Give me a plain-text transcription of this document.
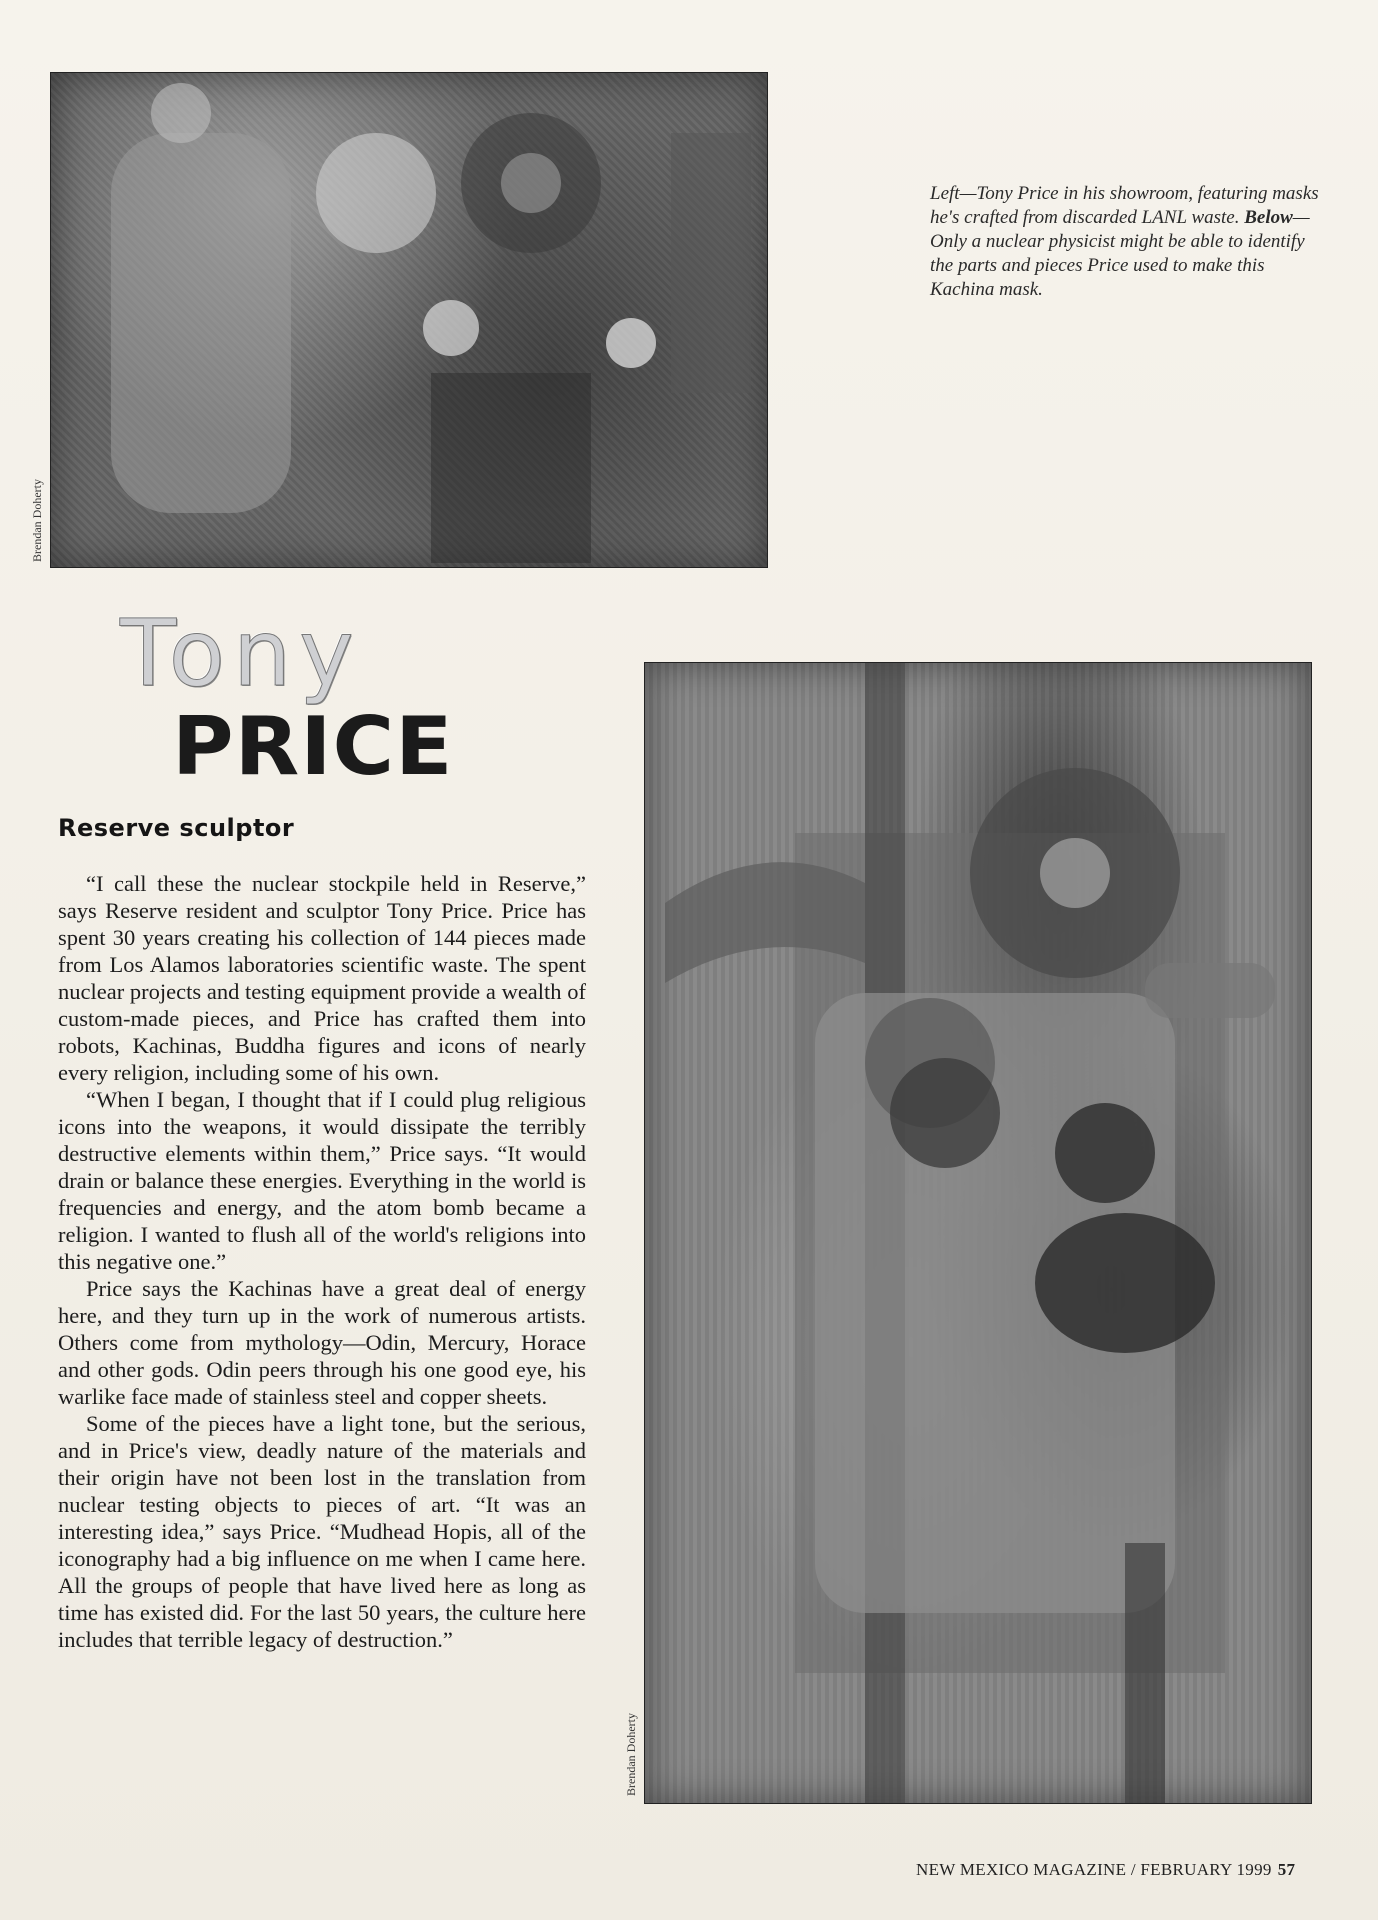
Brendan Doherty
Left—Tony Price in his showroom, featuring masks he's crafted from discarded LANL waste. Below—Only a nuclear physicist might be able to identify the parts and pieces Price used to make this Kachina mask.
Tony
PRICE
Reserve sculptor

“I call these the nuclear stockpile held in Reserve,” says Reserve resident and sculptor Tony Price. Price has spent 30 years creating his collection of 144 pieces made from Los Alamos laboratories scientific waste. The spent nuclear projects and testing equipment provide a wealth of custom-made pieces, and Price has crafted them into robots, Kachinas, Buddha figures and icons of nearly every religion, including some of his own.

“When I began, I thought that if I could plug religious icons into the weapons, it would dissipate the terribly destructive elements within them,” Price says. “It would drain or balance these energies. Everything in the world is frequencies and energy, and the atom bomb became a religion. I wanted to flush all of the world's religions into this negative one.”

Price says the Kachinas have a great deal of energy here, and they turn up in the work of numerous artists. Others come from mythology—Odin, Mercury, Horace and other gods. Odin peers through his one good eye, his warlike face made of stainless steel and copper sheets.

Some of the pieces have a light tone, but the serious, and in Price's view, deadly nature of the materials and their origin have not been lost in the translation from nuclear testing objects to pieces of art. “It was an interesting idea,” says Price. “Mudhead Hopis, all of the iconography had a big influence on me when I came here. All the groups of people that have lived here as long as time has existed did. For the last 50 years, the culture here includes that terrible legacy of destruction.”

Brendan Doherty
NEW MEXICO MAGAZINE / FEBRUARY 1999 57
